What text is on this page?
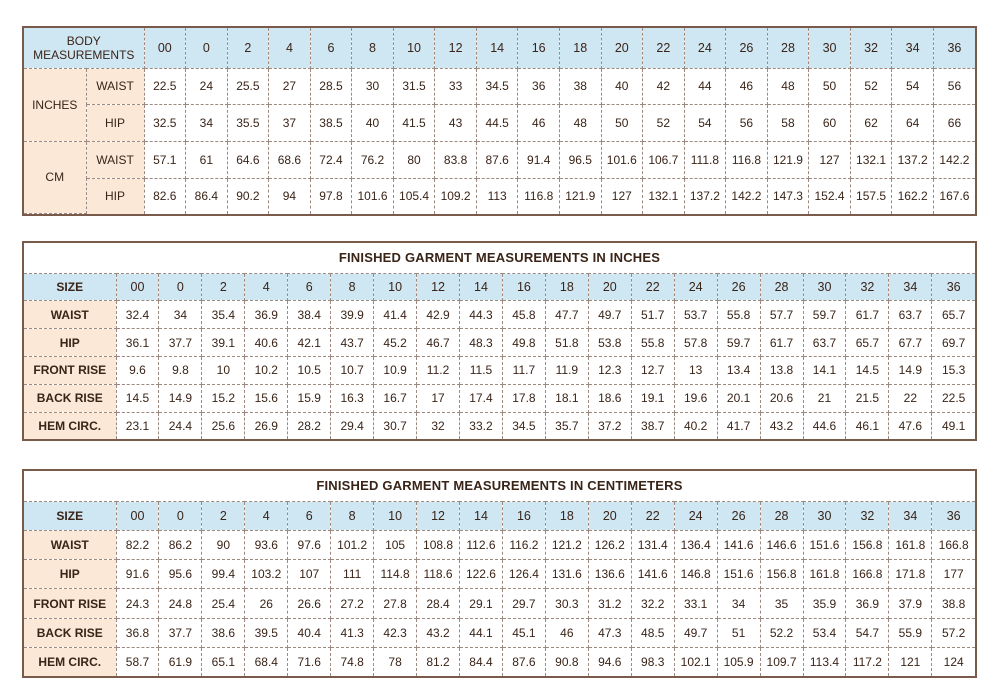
BODY
MEASUREMENTS		00	0	2	4	6	8	10	12	14	16	18	20	22	24	26	28	30	32	34	36
INCHES	WAIST	22.5	24	25.5	27	28.5	30	31.5	33	34.5	36	38	40	42	44	46	48	50	52	54	56
	HIP	32.5	34	35.5	37	38.5	40	41.5	43	44.5	46	48	50	52	54	56	58	60	62	64	66
CM	WAIST	57.1	61	64.6	68.6	72.4	76.2	80	83.8	87.6	91.4	96.5	101.6	106.7	111.8	116.8	121.9	127	132.1	137.2	142.2
	HIP	82.6	86.4	90.2	94	97.8	101.6	105.4	109.2	113	116.8	121.9	127	132.1	137.2	142.2	147.3	152.4	157.5	162.2	167.6
FINISHED GARMENT MEASUREMENTS IN INCHES																				
SIZE	00	0	2	4	6	8	10	12	14	16	18	20	22	24	26	28	30	32	34	36
WAIST	32.4	34	35.4	36.9	38.4	39.9	41.4	42.9	44.3	45.8	47.7	49.7	51.7	53.7	55.8	57.7	59.7	61.7	63.7	65.7
HIP	36.1	37.7	39.1	40.6	42.1	43.7	45.2	46.7	48.3	49.8	51.8	53.8	55.8	57.8	59.7	61.7	63.7	65.7	67.7	69.7
FRONT RISE	9.6	9.8	10	10.2	10.5	10.7	10.9	11.2	11.5	11.7	11.9	12.3	12.7	13	13.4	13.8	14.1	14.5	14.9	15.3
BACK RISE	14.5	14.9	15.2	15.6	15.9	16.3	16.7	17	17.4	17.8	18.1	18.6	19.1	19.6	20.1	20.6	21	21.5	22	22.5
HEM CIRC.	23.1	24.4	25.6	26.9	28.2	29.4	30.7	32	33.2	34.5	35.7	37.2	38.7	40.2	41.7	43.2	44.6	46.1	47.6	49.1
FINISHED GARMENT MEASUREMENTS IN CENTIMETERS																				
SIZE	00	0	2	4	6	8	10	12	14	16	18	20	22	24	26	28	30	32	34	36
WAIST	82.2	86.2	90	93.6	97.6	101.2	105	108.8	112.6	116.2	121.2	126.2	131.4	136.4	141.6	146.6	151.6	156.8	161.8	166.8
HIP	91.6	95.6	99.4	103.2	107	111	114.8	118.6	122.6	126.4	131.6	136.6	141.6	146.8	151.6	156.8	161.8	166.8	171.8	177
FRONT RISE	24.3	24.8	25.4	26	26.6	27.2	27.8	28.4	29.1	29.7	30.3	31.2	32.2	33.1	34	35	35.9	36.9	37.9	38.8
BACK RISE	36.8	37.7	38.6	39.5	40.4	41.3	42.3	43.2	44.1	45.1	46	47.3	48.5	49.7	51	52.2	53.4	54.7	55.9	57.2
HEM CIRC.	58.7	61.9	65.1	68.4	71.6	74.8	78	81.2	84.4	87.6	90.8	94.6	98.3	102.1	105.9	109.7	113.4	117.2	121	124
